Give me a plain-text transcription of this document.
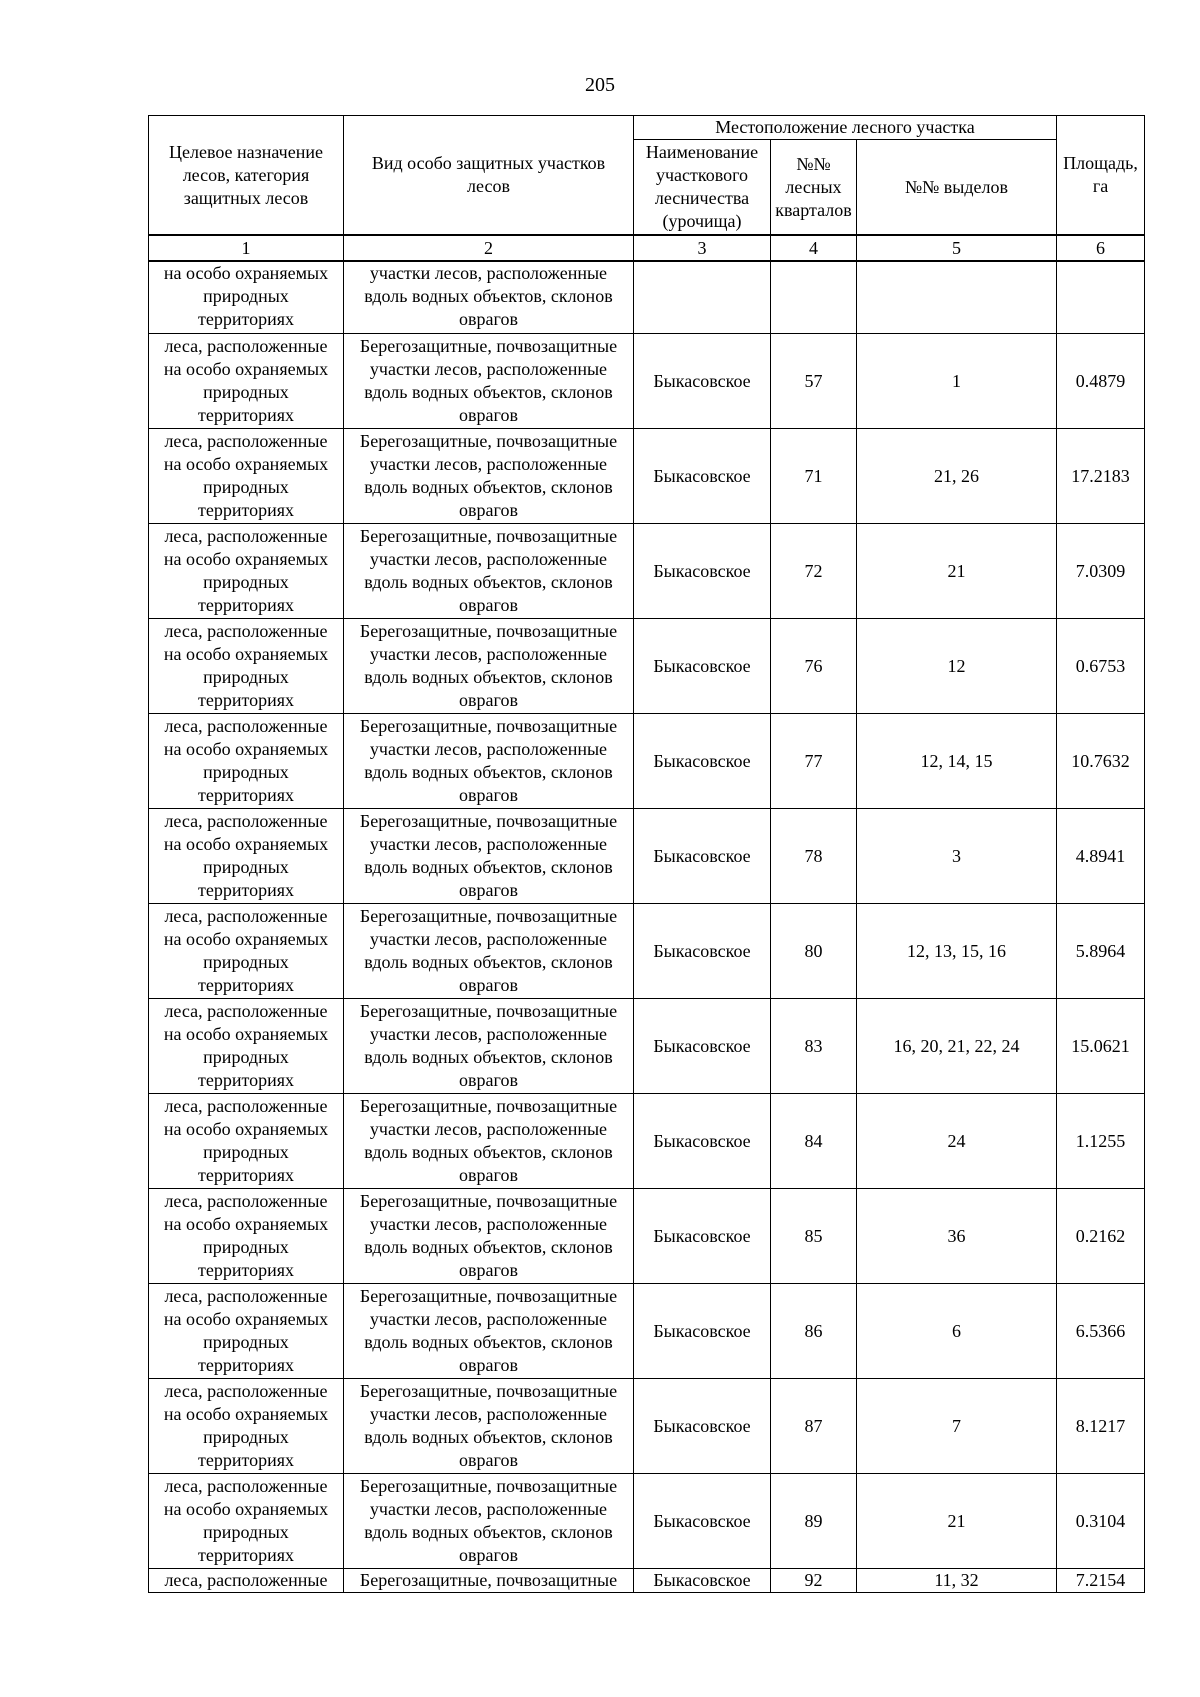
205
Целевое назначение
лесов, категория
защитных лесов	Вид особо защитных участков
лесов	Местоположение лесного участка			Площадь,
га

		Наименование
участкового
лесничества
(урочища)	№№
лесных
кварталов	№№ выделов	

1	2	3	4	5	6

на особо охраняемых
природных
территориях	участки лесов, расположенные
вдоль водных объектов, склонов
оврагов				

леса, расположенные
на особо охраняемых
природных
территориях	Берегозащитные, почвозащитные
участки лесов, расположенные
вдоль водных объектов, склонов
оврагов	Быкасовское	57	1	0.4879

леса, расположенные
на особо охраняемых
природных
территориях	Берегозащитные, почвозащитные
участки лесов, расположенные
вдоль водных объектов, склонов
оврагов	Быкасовское	71	21, 26	17.2183

леса, расположенные
на особо охраняемых
природных
территориях	Берегозащитные, почвозащитные
участки лесов, расположенные
вдоль водных объектов, склонов
оврагов	Быкасовское	72	21	7.0309

леса, расположенные
на особо охраняемых
природных
территориях	Берегозащитные, почвозащитные
участки лесов, расположенные
вдоль водных объектов, склонов
оврагов	Быкасовское	76	12	0.6753

леса, расположенные
на особо охраняемых
природных
территориях	Берегозащитные, почвозащитные
участки лесов, расположенные
вдоль водных объектов, склонов
оврагов	Быкасовское	77	12, 14, 15	10.7632

леса, расположенные
на особо охраняемых
природных
территориях	Берегозащитные, почвозащитные
участки лесов, расположенные
вдоль водных объектов, склонов
оврагов	Быкасовское	78	3	4.8941

леса, расположенные
на особо охраняемых
природных
территориях	Берегозащитные, почвозащитные
участки лесов, расположенные
вдоль водных объектов, склонов
оврагов	Быкасовское	80	12, 13, 15, 16	5.8964

леса, расположенные
на особо охраняемых
природных
территориях	Берегозащитные, почвозащитные
участки лесов, расположенные
вдоль водных объектов, склонов
оврагов	Быкасовское	83	16, 20, 21, 22, 24	15.0621

леса, расположенные
на особо охраняемых
природных
территориях	Берегозащитные, почвозащитные
участки лесов, расположенные
вдоль водных объектов, склонов
оврагов	Быкасовское	84	24	1.1255

леса, расположенные
на особо охраняемых
природных
территориях	Берегозащитные, почвозащитные
участки лесов, расположенные
вдоль водных объектов, склонов
оврагов	Быкасовское	85	36	0.2162

леса, расположенные
на особо охраняемых
природных
территориях	Берегозащитные, почвозащитные
участки лесов, расположенные
вдоль водных объектов, склонов
оврагов	Быкасовское	86	6	6.5366

леса, расположенные
на особо охраняемых
природных
территориях	Берегозащитные, почвозащитные
участки лесов, расположенные
вдоль водных объектов, склонов
оврагов	Быкасовское	87	7	8.1217

леса, расположенные
на особо охраняемых
природных
территориях	Берегозащитные, почвозащитные
участки лесов, расположенные
вдоль водных объектов, склонов
оврагов	Быкасовское	89	21	0.3104

леса, расположенные	Берегозащитные, почвозащитные	Быкасовское	92	11, 32	7.2154
